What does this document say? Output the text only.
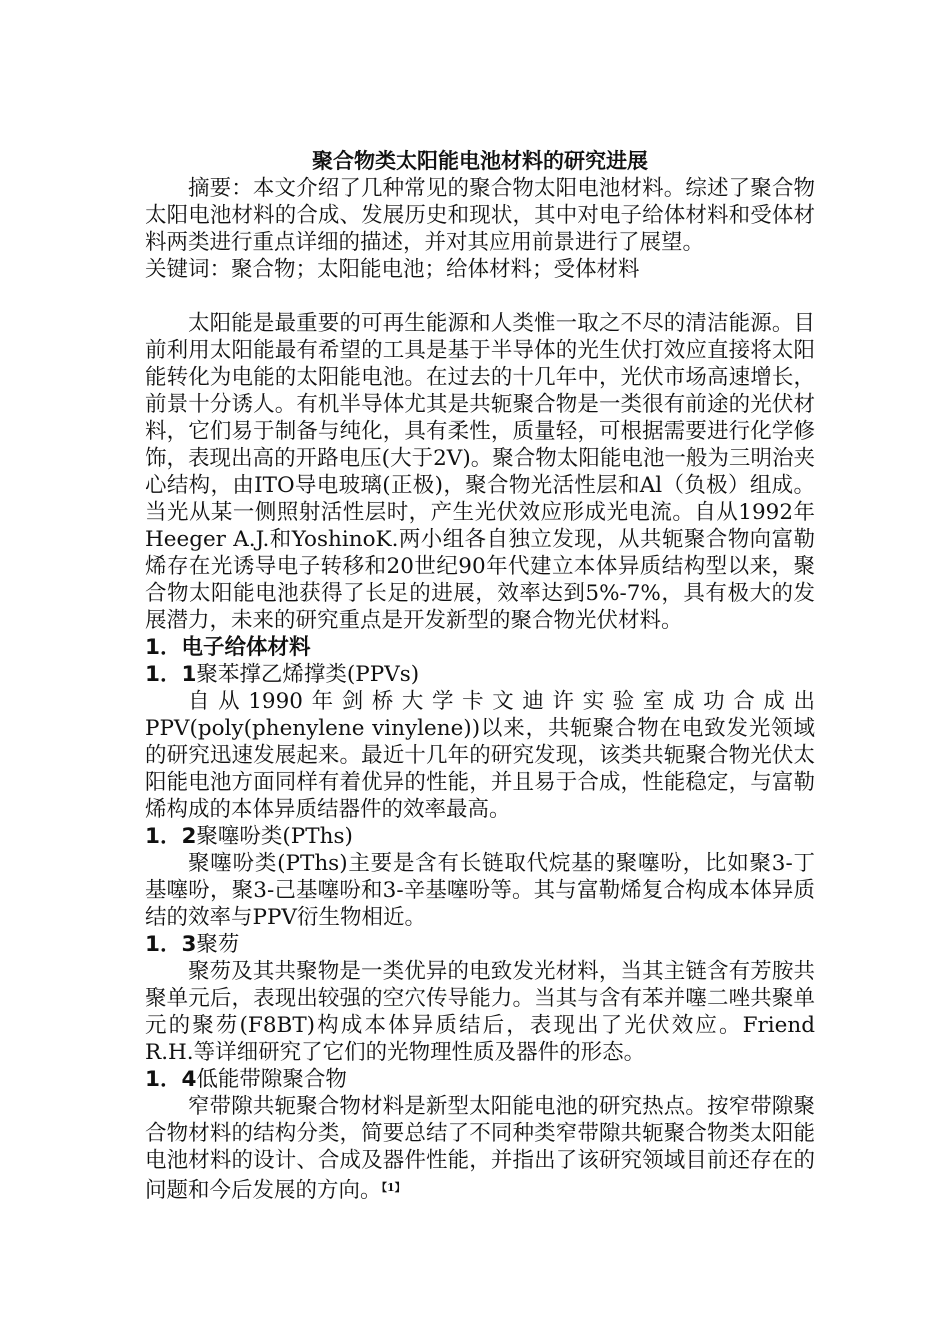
聚合物类太阳能电池材料的研究进展

摘要：本文介绍了几种常见的聚合物太阳电池材料。综述了聚合物太阳电池材料的合成、发展历史和现状，其中对电子给体材料和受体材料两类进行重点详细的描述，并对其应用前景进行了展望。

关键词：聚合物；太阳能电池；给体材料；受体材料

太阳能是最重要的可再生能源和人类惟一取之不尽的清洁能源。目前利用太阳能最有希望的工具是基于半导体的光生伏打效应直接将太阳能转化为电能的太阳能电池。在过去的十几年中，光伏市场高速增长，前景十分诱人。有机半导体尤其是共轭聚合物是一类很有前途的光伏材料，它们易于制备与纯化，具有柔性，质量轻，可根据需要进行化学修饰，表现出高的开路电压(大于2V)。聚合物太阳能电池一般为三明治夹心结构，由ITO导电玻璃(正极)，聚合物光活性层和Al（负极）组成。当光从某一侧照射活性层时，产生光伏效应形成光电流。自从1992年Heeger A.J.和YoshinoK.两小组各自独立发现，从共轭聚合物向富勒烯存在光诱导电子转移和20世纪90年代建立本体异质结构型以来，聚合物太阳能电池获得了长足的进展，效率达到5%-7%，具有极大的发展潜力，未来的研究重点是开发新型的聚合物光伏材料。

1．电子给体材料

1．1聚苯撑乙烯撑类(PPVs)

自从1990年剑桥大学卡文迪许实验室成功合成出PPV(poly(phenylene vinylene))以来，共轭聚合物在电致发光领域的研究迅速发展起来。最近十几年的研究发现，该类共轭聚合物光伏太阳能电池方面同样有着优异的性能，并且易于合成，性能稳定，与富勒烯构成的本体异质结器件的效率最高。

1．2聚噻吩类(PThs)

聚噻吩类(PThs)主要是含有长链取代烷基的聚噻吩，比如聚3-丁基噻吩，聚3-己基噻吩和3-辛基噻吩等。其与富勒烯复合构成本体异质结的效率与PPV衍生物相近。

1．3聚芴

聚芴及其共聚物是一类优异的电致发光材料，当其主链含有芳胺共聚单元后，表现出较强的空穴传导能力。当其与含有苯并噻二唑共聚单元的聚芴(F8BT)构成本体异质结后，表现出了光伏效应。Friend R.H.等详细研究了它们的光物理性质及器件的形态。

1．4低能带隙聚合物

窄带隙共轭聚合物材料是新型太阳能电池的研究热点。按窄带隙聚合物材料的结构分类，简要总结了不同种类窄带隙共轭聚合物类太阳能电池材料的设计、合成及器件性能，并指出了该研究领域目前还存在的问题和今后发展的方向。$^{【1】}$
